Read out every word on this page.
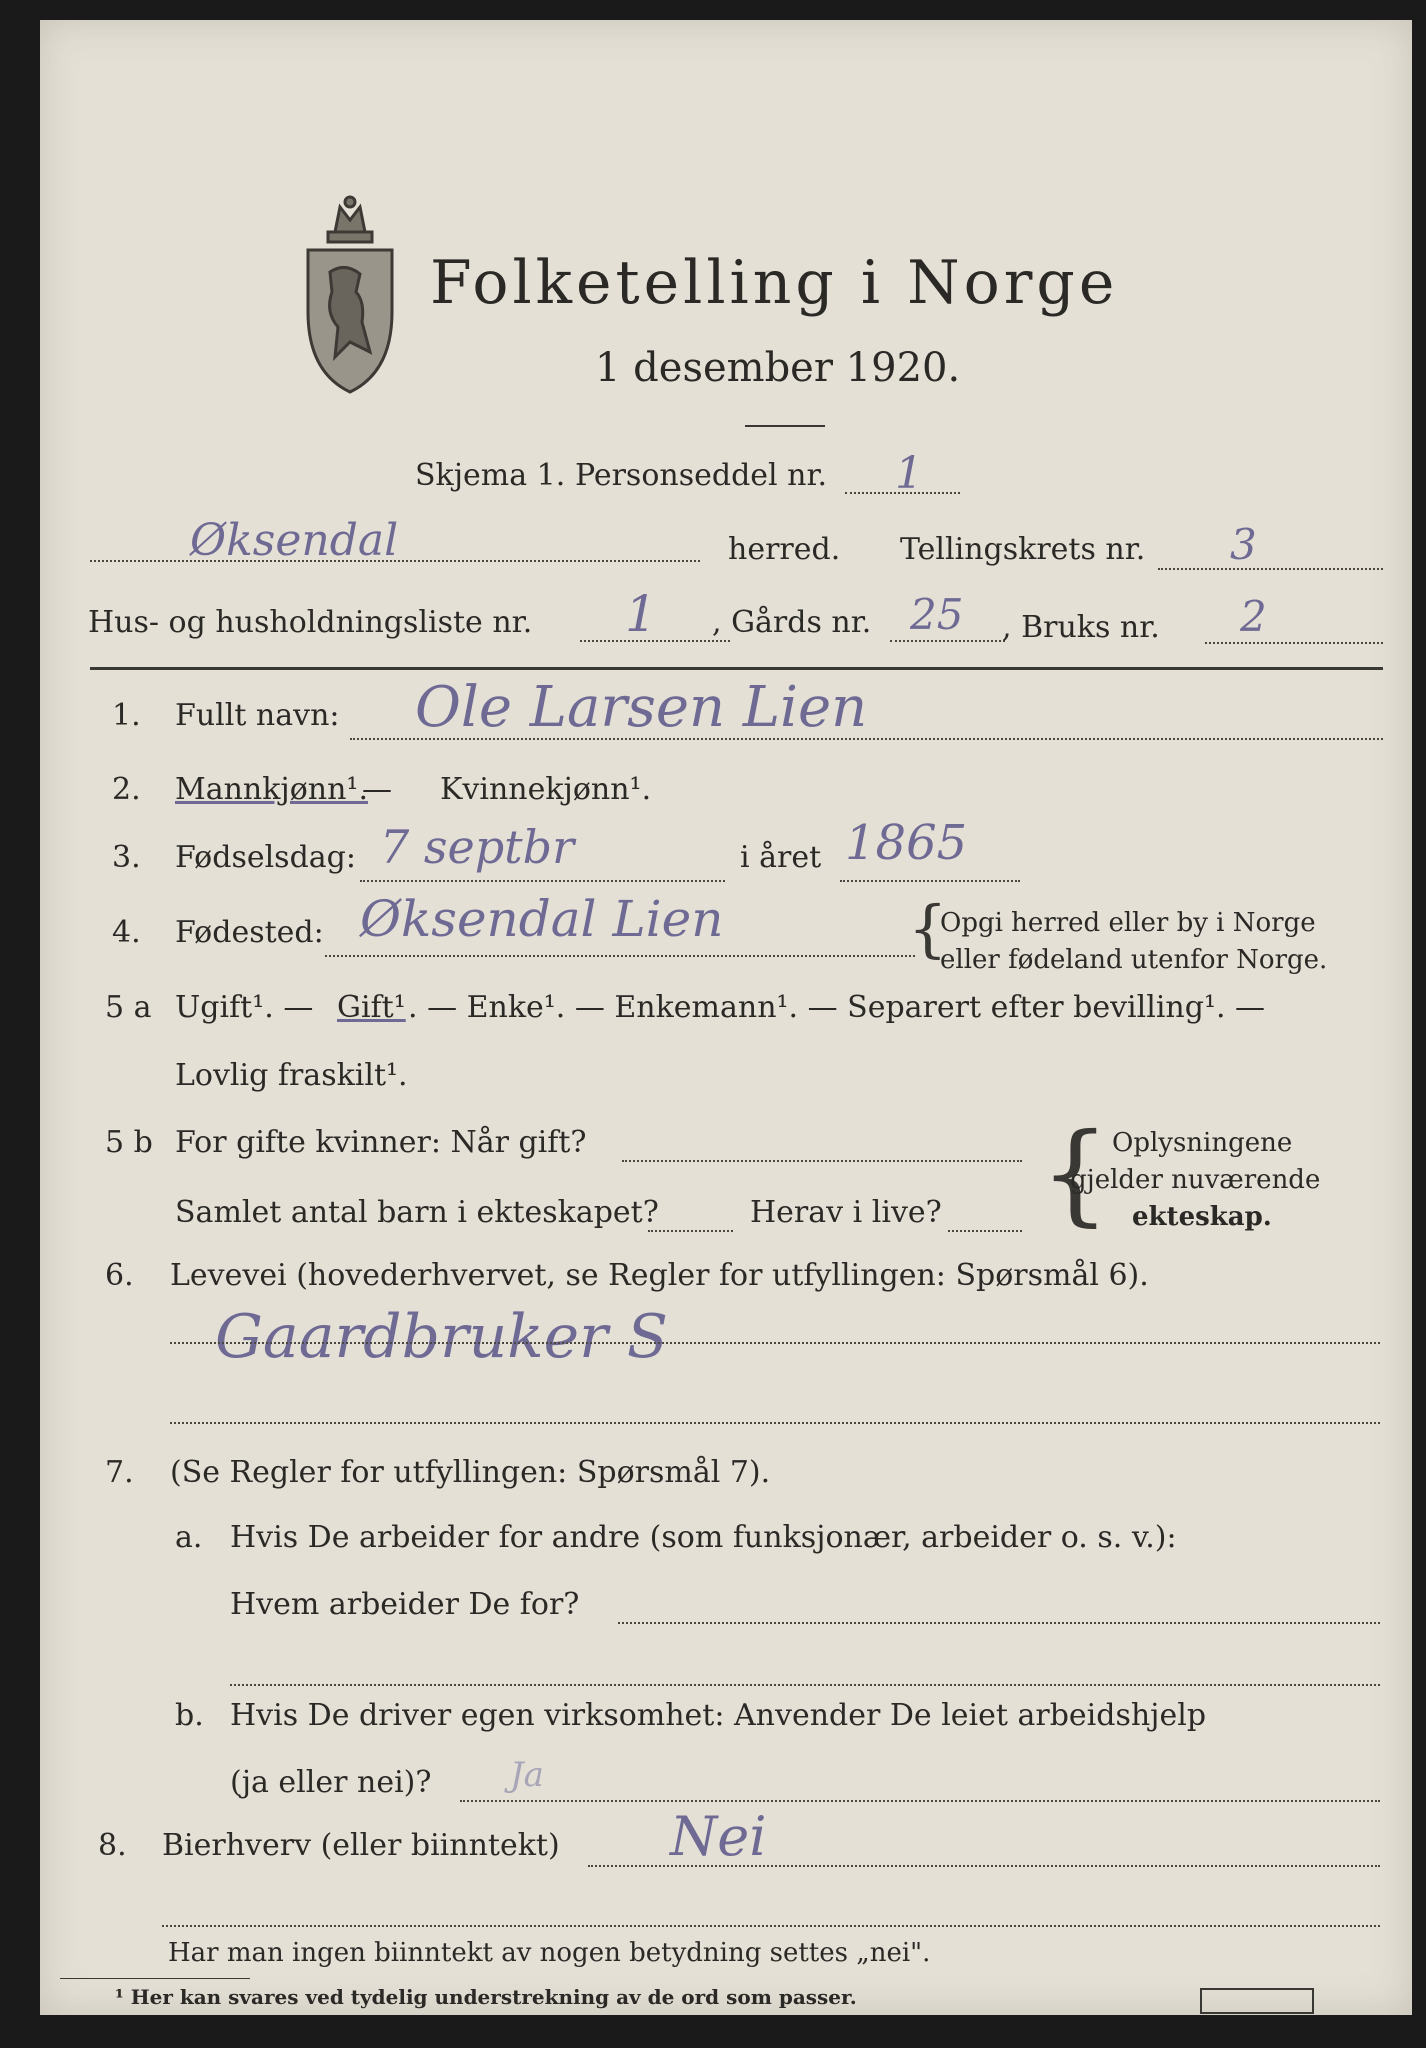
Folketelling i Norge
1 desember 1920.
Skjema 1. Personseddel nr. 1
Øksendal	herred. Tellingskrets nr. 3
Hus- og husholdningsliste nr. 1 , Gårds nr. 25 , Bruks nr. 2
1. Fullt navn: Ole Larsen Lien
2. Mannkjønn¹.
— Kvinnekjønn¹.
3. Fødselsdag: 7 septbr	i året 1865
4. Fødested: Øksendal Lien	{
Opgi herred eller by i Norge
eller fødeland utenfor Norge.
5 a Ugift¹. — Gift¹ . — Enke¹. — Enkemann¹. — Separert efter bevilling¹. —
Lovlig fraskilt¹.
5 b For gifte kvinner: Når gift?
Samlet antal barn i ekteskapet?	Herav i live? { Oplysningene
gjelder nuværende
ekteskap.
6. Levevei (hovederhvervet, se Regler for utfyllingen: Spørsmål 6).
Gaardbruker S
7. (Se Regler for utfyllingen: Spørsmål 7).
a. Hvis De arbeider for andre (som funksjonær, arbeider o. s. v.):
Hvem arbeider De for?
b. Hvis De driver egen virksomhet: Anvender De leiet arbeidshjelp
(ja eller nei)? Ja
8. Bierhverv (eller biinntekt) Nei
Har man ingen biinntekt av nogen betydning settes „nei".
¹ Her kan svares ved tydelig understrekning av de ord som passer.
